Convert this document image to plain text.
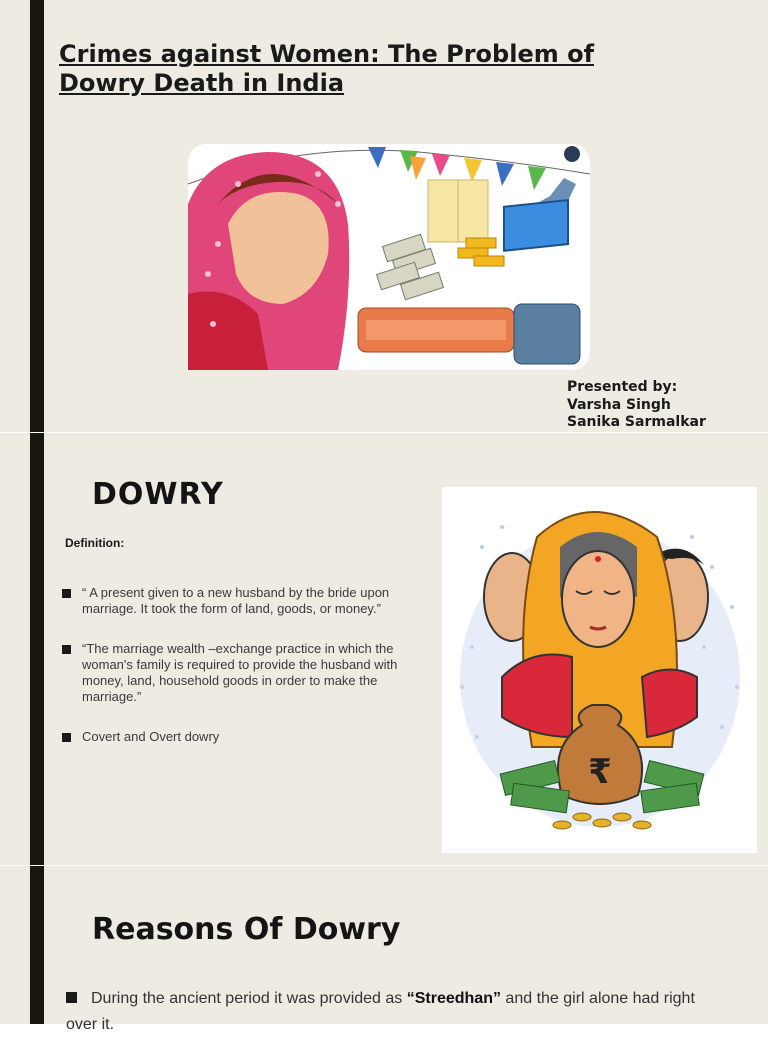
Crimes against Women: The Problem of
Dowry Death in India
Presented by:
Varsha Singh
Sanika Sarmalkar
DOWRY
Definition:
“ A present given to a new husband by the bride upon marriage. It took the form of land, goods, or money.”
“The marriage wealth –exchange practice in which the woman's family is required to provide the husband with money, land, household goods in order to make the marriage.”
Covert and Overt dowry
₹
Reasons Of Dowry
During the ancient period it was provided as “Streedhan” and the girl alone had right over it.
